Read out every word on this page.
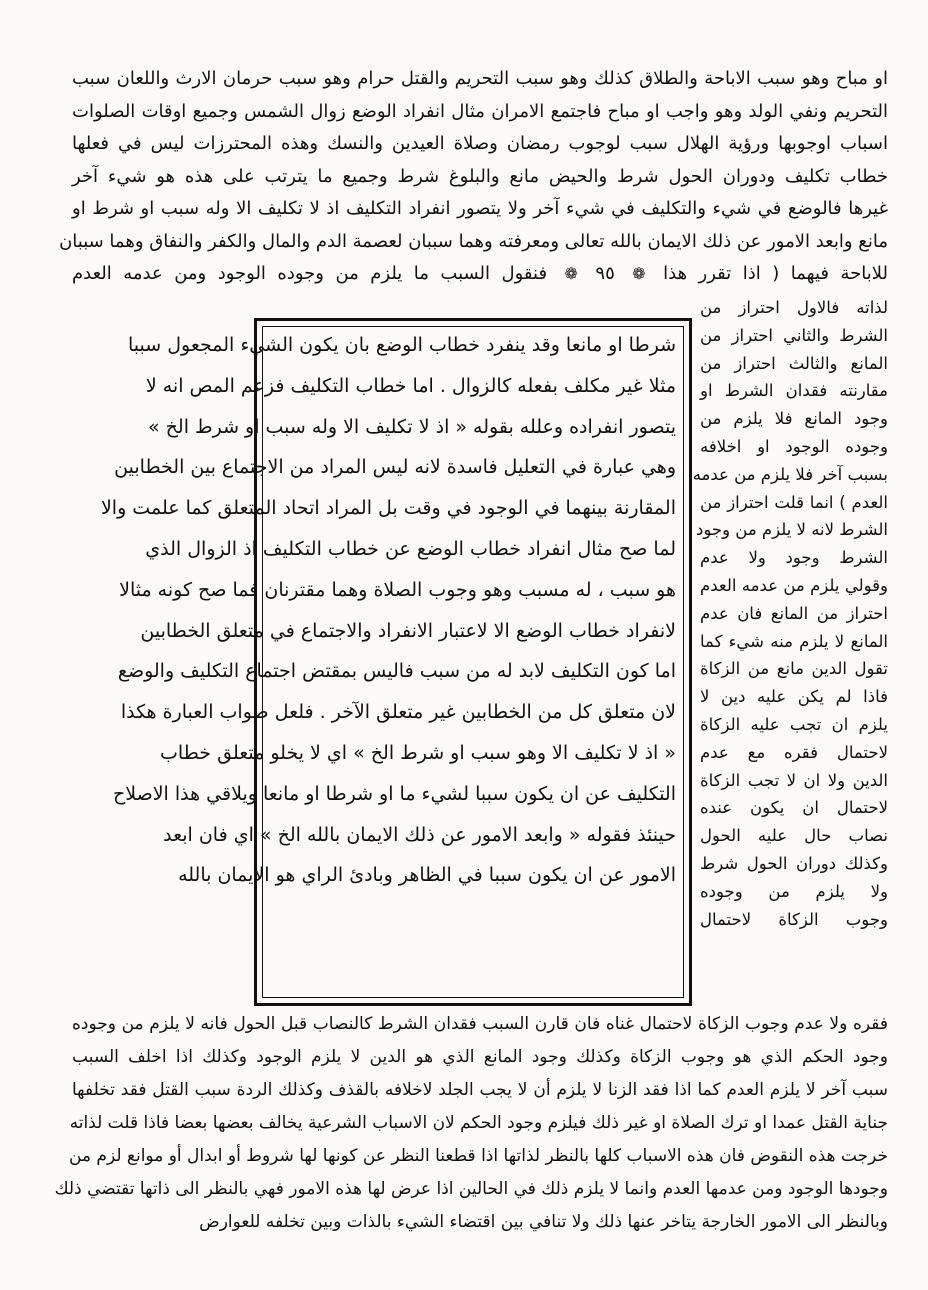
او مباح وهو سبب الاباحة والطلاق كذلك وهو سبب التحريم والقتل حرام وهو سبب حرمان الارث واللعان سبب
التحريم ونفي الولد وهو واجب او مباح فاجتمع الامران مثال انفراد الوضع زوال الشمس وجميع اوقات الصلوات
اسباب اوجوبها ورؤية الهلال سبب لوجوب رمضان وصلاة العيدين والنسك وهذه المحترزات ليس في فعلها
خطاب تكليف ودوران الحول شرط والحيض مانع والبلوغ شرط وجميع ما يترتب على هذه هو شيء آخر
غيرها فالوضع في شيء والتكليف في شيء آخر ولا يتصور انفراد التكليف اذ لا تكليف الا وله سبب او شرط او
مانع وابعد الامور عن ذلك الايمان بالله تعالى ومعرفته وهما سببان لعصمة الدم والمال والكفر والنفاق وهما سببان
للاباحة فيهما ( اذا تقرر هذا ❁ ٩٥ ❁ فنقول السبب ما يلزم من وجوده الوجود ومن عدمه العدم
لذاته فالاول احتراز من
الشرط والثاني احتراز من
المانع والثالث احتراز من
مقارنته فقدان الشرط او
وجود المانع فلا يلزم من
وجوده الوجود او اخلافه
بسبب آخر فلا يلزم من عدمه
العدم ) انما قلت احتراز من
الشرط لانه لا يلزم من وجود
الشرط وجود ولا عدم
وقولي يلزم من عدمه العدم
احتراز من المانع فان عدم
المانع لا يلزم منه شيء كما
تقول الدين مانع من الزكاة
فاذا لم يكن عليه دين لا
يلزم ان تجب عليه الزكاة
لاحتمال فقره مع عدم
الدين ولا ان لا تجب الزكاة
لاحتمال ان يكون عنده
نصاب حال عليه الحول
وكذلك دوران الحول شرط
ولا يلزم من وجوده
وجوب الزكاة لاحتمال
شرطا او مانعا وقد ينفرد خطاب الوضع بان يكون الشيء المجعول سببا
مثلا غير مكلف بفعله كالزوال . اما خطاب التكليف فزعم المص انه لا
يتصور انفراده وعلله بقوله « اذ لا تكليف الا وله سبب او شرط الخ »
وهي عبارة في التعليل فاسدة لانه ليس المراد من الاجتماع بين الخطابين
المقارنة بينهما في الوجود في وقت بل المراد اتحاد المتعلق كما علمت والا
لما صح مثال انفراد خطاب الوضع عن خطاب التكليف اذ الزوال الذي
هو سبب ، له مسبب وهو وجوب الصلاة وهما مقترنان فما صح كونه مثالا
لانفراد خطاب الوضع الا لاعتبار الانفراد والاجتماع في متعلق الخطابين
اما كون التكليف لابد له من سبب فاليس بمقتض اجتماع التكليف والوضع
لان متعلق كل من الخطابين غير متعلق الآخر . فلعل صواب العبارة هكذا
« اذ لا تكليف الا وهو سبب او شرط الخ » اي لا يخلو متعلق خطاب
التكليف عن ان يكون سببا لشيء ما او شرطا او مانعا ويلاقي هذا الاصلاح
حينئذ فقوله « وابعد الامور عن ذلك الايمان بالله الخ » اي فان ابعد
الامور عن ان يكون سببا في الظاهر وبادئ الراي هو الايمان بالله
فقره ولا عدم وجوب الزكاة لاحتمال غناه فان قارن السبب فقدان الشرط كالنصاب قبل الحول فانه لا يلزم من وجوده
وجود الحكم الذي هو وجوب الزكاة وكذلك وجود المانع الذي هو الدين لا يلزم الوجود وكذلك اذا اخلف السبب
سبب آخر لا يلزم العدم كما اذا فقد الزنا لا يلزم أن لا يجب الجلد لاخلافه بالقذف وكذلك الردة سبب القتل فقد تخلفها
جناية القتل عمدا او ترك الصلاة او غير ذلك فيلزم وجود الحكم لان الاسباب الشرعية يخالف بعضها بعضا فاذا قلت لذاته
خرجت هذه النقوض فان هذه الاسباب كلها بالنظر لذاتها اذا قطعنا النظر عن كونها لها شروط أو ابدال أو موانع لزم من
وجودها الوجود ومن عدمها العدم وانما لا يلزم ذلك في الحالين اذا عرض لها هذه الامور فهي بالنظر الى ذاتها تقتضي ذلك
وبالنظر الى الامور الخارجة يتاخر عنها ذلك ولا تنافي بين اقتضاء الشيء بالذات وبين تخلفه للعوارض
